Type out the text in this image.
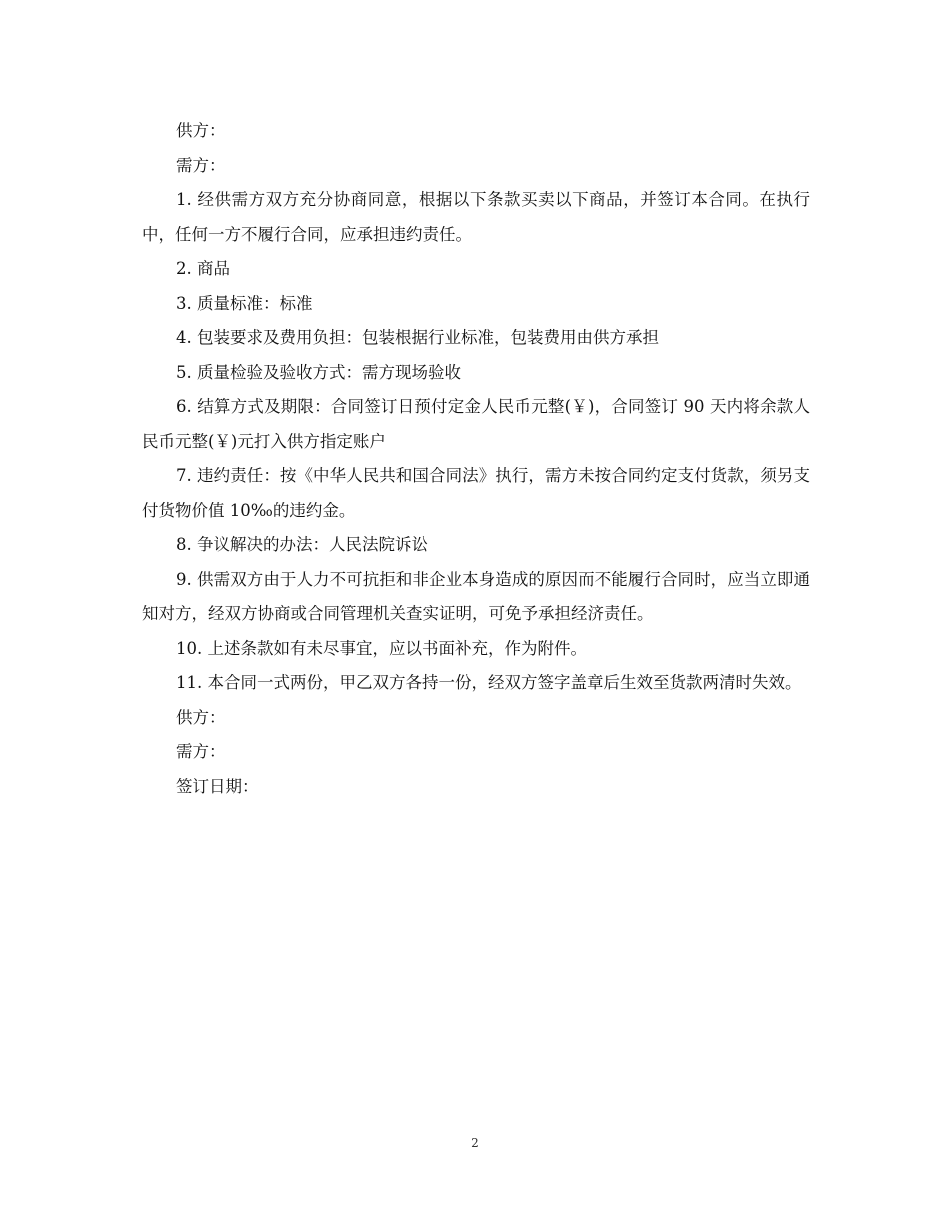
供方：

需方：

1. 经供需方双方充分协商同意，根据以下条款买卖以下商品，并签订本合同。在执行中，任何一方不履行合同，应承担违约责任。

2. 商品

3. 质量标准：标准

4. 包装要求及费用负担：包装根据行业标准，包装费用由供方承担

5. 质量检验及验收方式：需方现场验收

6. 结算方式及期限：合同签订日预付定金人民币元整(￥)，合同签订 90 天内将余款人民币元整(￥)元打入供方指定账户

7. 违约责任：按《中华人民共和国合同法》执行，需方未按合同约定支付货款，须另支付货物价值 10‰的违约金。

8. 争议解决的办法：人民法院诉讼

9. 供需双方由于人力不可抗拒和非企业本身造成的原因而不能履行合同时，应当立即通知对方，经双方协商或合同管理机关查实证明，可免予承担经济责任。

10. 上述条款如有未尽事宜，应以书面补充，作为附件。

11. 本合同一式两份，甲乙双方各持一份，经双方签字盖章后生效至货款两清时失效。

供方：

需方：

签订日期：

2
